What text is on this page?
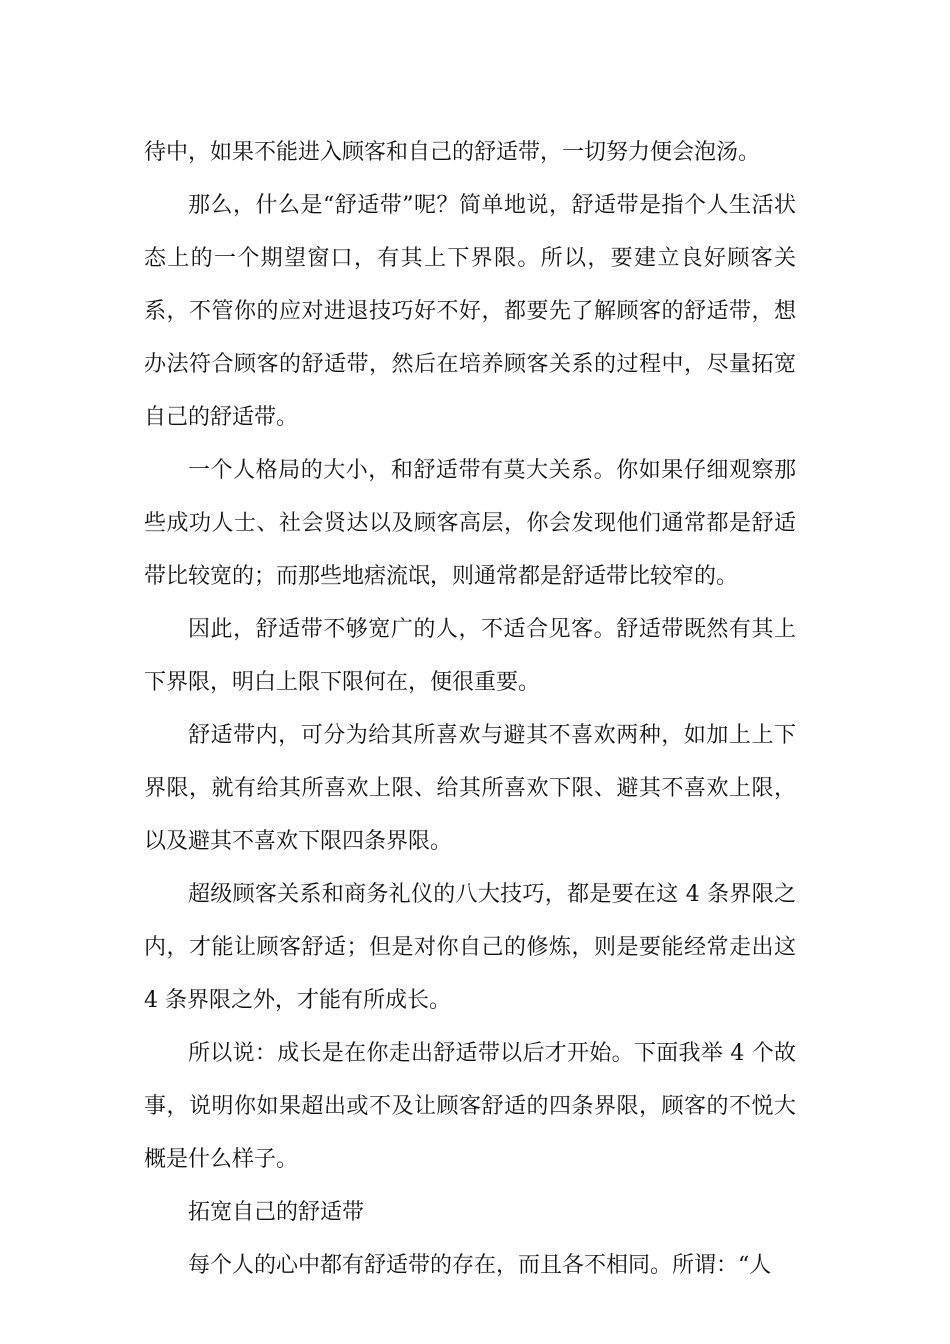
待中，如果不能进入顾客和自己的舒适带，一切努力便会泡汤。

那么，什么是“舒适带”呢？简单地说，舒适带是指个人生活状态上的一个期望窗口，有其上下界限。所以，要建立良好顾客关系，不管你的应对进退技巧好不好，都要先了解顾客的舒适带，想办法符合顾客的舒适带，然后在培养顾客关系的过程中，尽量拓宽自己的舒适带。

一个人格局的大小，和舒适带有莫大关系。你如果仔细观察那些成功人士、社会贤达以及顾客高层，你会发现他们通常都是舒适带比较宽的；而那些地痞流氓，则通常都是舒适带比较窄的。

因此，舒适带不够宽广的人，不适合见客。舒适带既然有其上下界限，明白上限下限何在，便很重要。

舒适带内，可分为给其所喜欢与避其不喜欢两种，如加上上下界限，就有给其所喜欢上限、给其所喜欢下限、避其不喜欢上限，以及避其不喜欢下限四条界限。

超级顾客关系和商务礼仪的八大技巧，都是要在这 4 条界限之内，才能让顾客舒适；但是对你自己的修炼，则是要能经常走出这 4 条界限之外，才能有所成长。

所以说：成长是在你走出舒适带以后才开始。下面我举 4 个故事，说明你如果超出或不及让顾客舒适的四条界限，顾客的不悦大概是什么样子。

拓宽自己的舒适带

每个人的心中都有舒适带的存在，而且各不相同。所谓：“人
